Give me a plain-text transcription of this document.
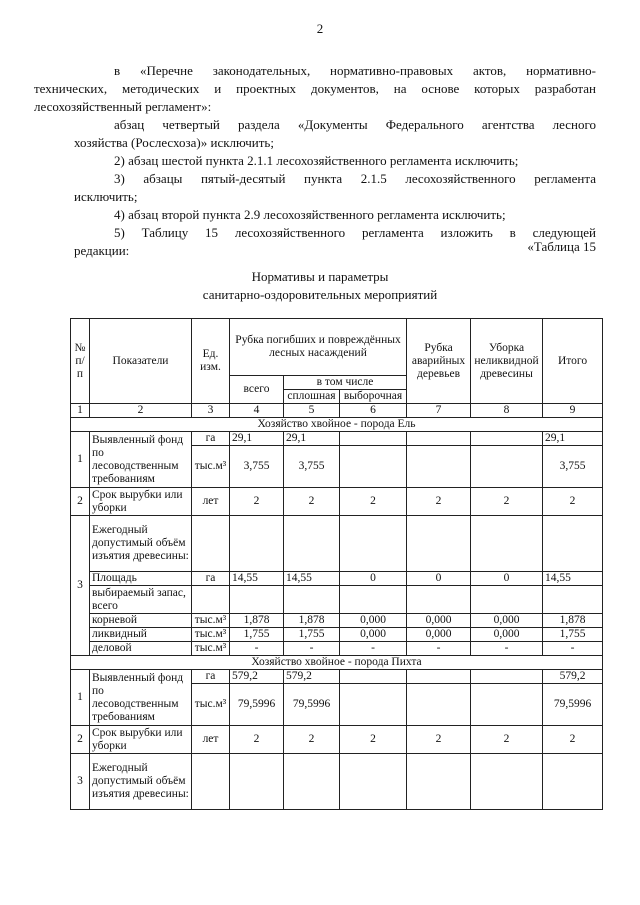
2
в «Перечне законодательных, нормативно-правовых актов, нормативно-
технических, методических и проектных документов, на основе которых разработан
лесохозяйственный регламент»:
абзац четвертый раздела «Документы Федерального агентства лесного
хозяйства (Рослесхоза)» исключить;
2) абзац шестой пункта 2.1.1 лесохозяйственного регламента исключить;
3) абзацы пятый-десятый пункта 2.1.5 лесохозяйственного регламента
исключить;
4) абзац второй пункта 2.9 лесохозяйственного регламента исключить;
5) Таблицу 15 лесохозяйственного регламента изложить в следующей
редакции:	«Таблица 15
Нормативы и параметры
санитарно-оздоровительных мероприятий
№ п/п	Показатели	Ед. изм.	Рубка погибших и повреждённых лесных насаждений			Рубка аварийных деревьев	Уборка неликвидной древесины	Итого
			всего	в том числе				
				сплошная	выборочная			
1	2	3	4	5	6	7	8	9
Хозяйство хвойное - порода Ель								
1	Выявленный фонд по лесоводственным требованиям	га	29,1	29,1				29,1
		тыс.м³	3,755	3,755				3,755
2	Срок вырубки или уборки	лет	2	2	2	2	2	2
3	Ежегодный допустимый объём изъятия древесины:							
	Площадь	га	14,55	14,55	0	0	0	14,55
	выбираемый запас, всего							
	корневой	тыс.м³	1,878	1,878	0,000	0,000	0,000	1,878
	ликвидный	тыс.м³	1,755	1,755	0,000	0,000	0,000	1,755
	деловой	тыс.м³	-	-	-	-	-	-
Хозяйство хвойное - порода Пихта								
1	Выявленный фонд по лесоводственным требованиям	га	579,2	579,2				579,2
		тыс.м³	79,5996	79,5996				79,5996
2	Срок вырубки или уборки	лет	2	2	2	2	2	2
3	Ежегодный допустимый объём изъятия древесины:							
